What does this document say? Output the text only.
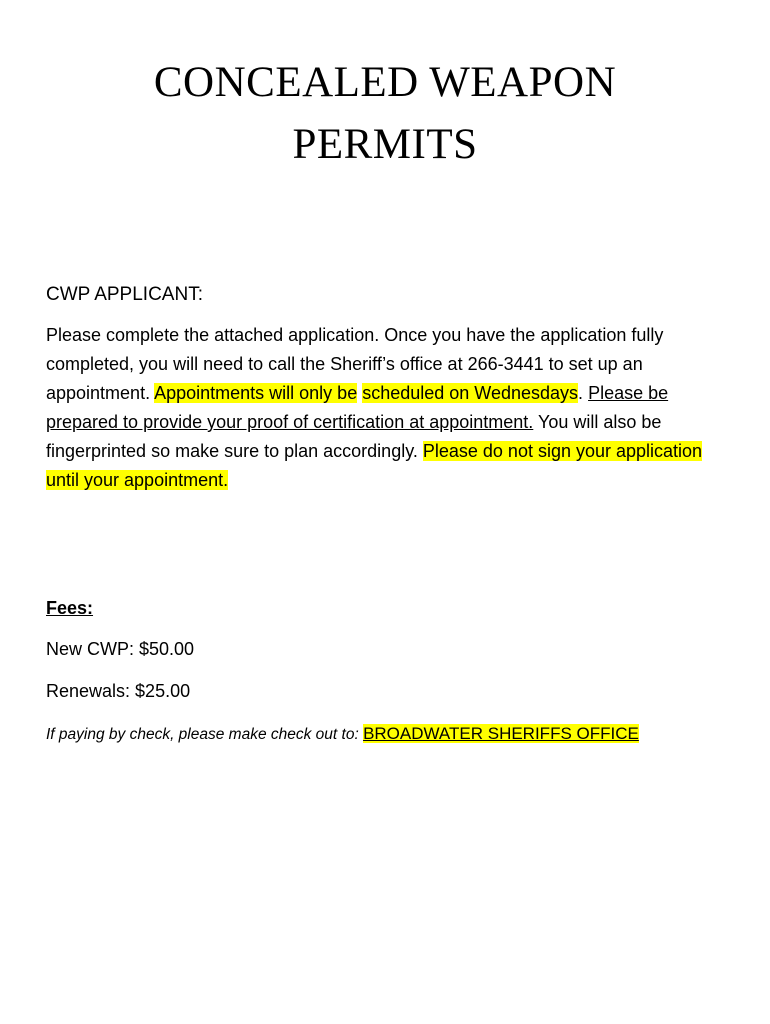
CONCEALED WEAPON
PERMITS

CWP APPLICANT:

Please complete the attached application. Once you have the application fully completed, you will need to call the Sheriff’s office at 266-3441 to set up an appointment. Appointments will only be scheduled on Wednesdays. Please be prepared to provide your proof of certification at appointment. You will also be fingerprinted so make sure to plan accordingly. Please do not sign your application until your appointment.

Fees:

New CWP: $50.00

Renewals: $25.00

If paying by check, please make check out to: BROADWATER SHERIFFS OFFICE
